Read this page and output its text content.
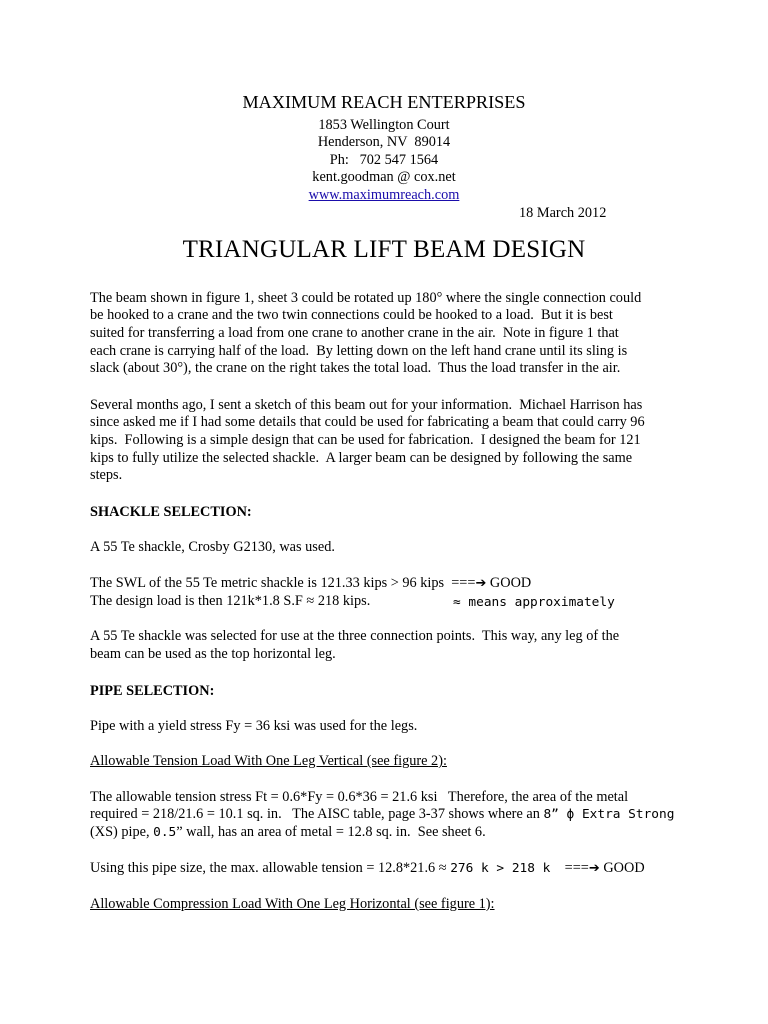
MAXIMUM REACH ENTERPRISES
1853 Wellington Court
Henderson, NV  89014
Ph:   702 547 1564
kent.goodman @ cox.net
www.maximumreach.com
18 March 2012
TRIANGULAR LIFT BEAM DESIGN
The beam shown in figure 1, sheet 3 could be rotated up 180° where the single connection could
be hooked to a crane and the two twin connections could be hooked to a load.  But it is best
suited for transferring a load from one crane to another crane in the air.  Note in figure 1 that
each crane is carrying half of the load.  By letting down on the left hand crane until its sling is
slack (about 30°), the crane on the right takes the total load.  Thus the load transfer in the air.
Several months ago, I sent a sketch of this beam out for your information.  Michael Harrison has
since asked me if I had some details that could be used for fabricating a beam that could carry 96
kips.  Following is a simple design that can be used for fabrication.  I designed the beam for 121
kips to fully utilize the selected shackle.  A larger beam can be designed by following the same
steps.
SHACKLE SELECTION:
A 55 Te shackle, Crosby G2130, was used.
The SWL of the 55 Te metric shackle is 121.33 kips > 96 kips  ===➔ GOOD
The design load is then 121k*1.8 S.F ≈ 218 kips.	≈ means approximately
A 55 Te shackle was selected for use at the three connection points.  This way, any leg of the
beam can be used as the top horizontal leg.
PIPE SELECTION:
Pipe with a yield stress Fy = 36 ksi was used for the legs.
Allowable Tension Load With One Leg Vertical (see figure 2):
The allowable tension stress Ft = 0.6*Fy = 0.6*36 = 21.6 ksi   Therefore, the area of the metal
required = 218/21.6 = 10.1 sq. in.   The AISC table, page 3-37 shows where an 8” ϕ Extra Strong
(XS) pipe, 0.5” wall, has an area of metal = 12.8 sq. in.  See sheet 6.
Using this pipe size, the max. allowable tension = 12.8*21.6 ≈ 276 k > 218 k    ===➔ GOOD
Allowable Compression Load With One Leg Horizontal (see figure 1):
